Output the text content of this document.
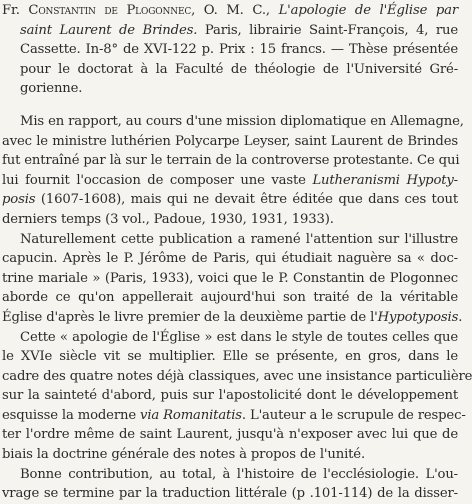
Fr. Constantin de Plogonnec, O. M. C., L'apologie de l'Église par
saint Laurent de Brindes. Paris, librairie Saint-François, 4, rue
Cassette. In-8° de XVI-122 p. Prix : 15 francs. — Thèse présentée
pour le doctorat à la Faculté de théologie de l'Université Gré-
gorienne.
Mis en rapport, au cours d'une mission diplomatique en Allemagne,
avec le ministre luthérien Polycarpe Leyser, saint Laurent de Brindes
fut entraîné par là sur le terrain de la controverse protestante. Ce qui
lui fournit l'occasion de composer une vaste Lutheranismi Hypoty-
posis (1607-1608), mais qui ne devait être éditée que dans ces tout
derniers temps (3 vol., Padoue, 1930, 1931, 1933).
Naturellement cette publication a ramené l'attention sur l'illustre
capucin. Après le P. Jérôme de Paris, qui étudiait naguère sa « doc-
trine mariale » (Paris, 1933), voici que le P. Constantin de Plogonnec
aborde ce qu'on appellerait aujourd'hui son traité de la véritable
Église d'après le livre premier de la deuxième partie de l'Hypotyposis.
Cette « apologie de l'Église » est dans le style de toutes celles que
le XVIe siècle vit se multiplier. Elle se présente, en gros, dans le
cadre des quatre notes déjà classiques, avec une insistance particulière
sur la sainteté d'abord, puis sur l'apostolicité dont le développement
esquisse la moderne via Romanitatis. L'auteur a le scrupule de respec-
ter l'ordre même de saint Laurent, jusqu'à n'exposer avec lui que de
biais la doctrine générale des notes à propos de l'unité.
Bonne contribution, au total, à l'histoire de l'ecclésiologie. L'ou-
vrage se termine par la traduction littérale (p .101-114) de la disser-
